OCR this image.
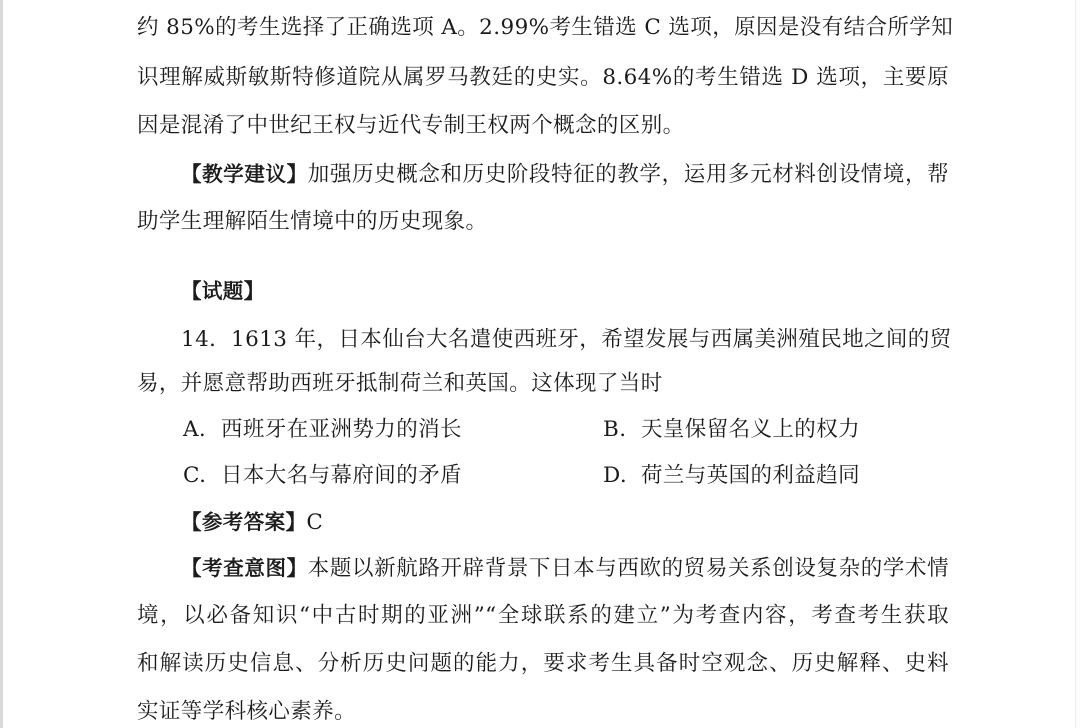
约 85%的考生选择了正确选项 A。2.99%考生错选 C 选项，原因是没有结合所学知
识理解威斯敏斯特修道院从属罗马教廷的史实。8.64%的考生错选 D 选项，主要原
因是混淆了中世纪王权与近代专制王权两个概念的区别。
【教学建议】加强历史概念和历史阶段特征的教学，运用多元材料创设情境，帮
助学生理解陌生情境中的历史现象。
【试题】
14．1613 年，日本仙台大名遣使西班牙，希望发展与西属美洲殖民地之间的贸
易，并愿意帮助西班牙抵制荷兰和英国。这体现了当时
A. 西班牙在亚洲势力的消长	B. 天皇保留名义上的权力
C. 日本大名与幕府间的矛盾	D. 荷兰与英国的利益趋同
【参考答案】C
【考查意图】本题以新航路开辟背景下日本与西欧的贸易关系创设复杂的学术情
境，以必备知识“中古时期的亚洲”“全球联系的建立”为考查内容，考查考生获取
和解读历史信息、分析历史问题的能力，要求考生具备时空观念、历史解释、史料
实证等学科核心素养。
